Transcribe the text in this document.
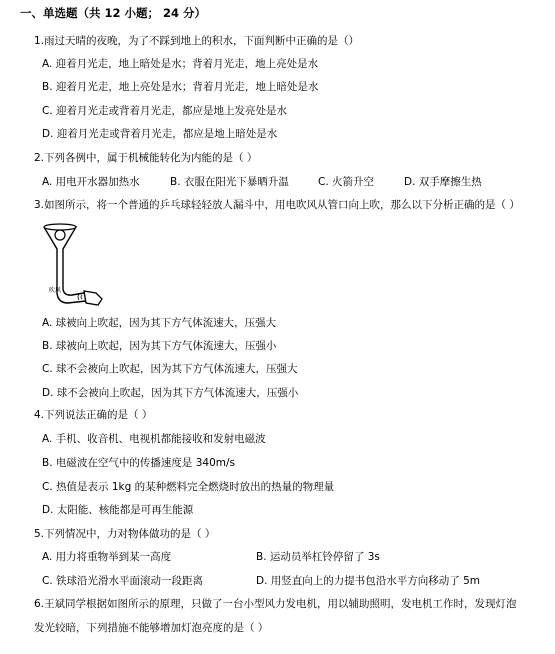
一、单选题（共 12 小题； 24 分）
1.雨过天晴的夜晚，为了不踩到地上的积水，下面判断中正确的是（）
A. 迎着月光走，地上暗处是水；背着月光走，地上亮处是水
B. 迎着月光走，地上亮处是水；背着月光走，地上暗处是水
C. 迎着月光走或背着月光走，都应是地上发亮处是水
D. 迎着月光走或背着月光走，都应是地上暗处是水
2.下列各例中，属于机械能转化为内能的是（ ）
A. 用电开水器加热水	B. 衣服在阳光下暴晒升温	C. 火箭升空	D. 双手摩擦生热
3.如图所示，将一个普通的乒乓球轻轻放人漏斗中，用电吹风从管口向上吹，那么以下分析正确的是（ ）
吹风
A. 球被向上吹起，因为其下方气体流速大，压强大
B. 球被向上吹起，因为其下方气体流速大，压强小
C. 球不会被向上吹起，因为其下方气体流速大，压强大
D. 球不会被向上吹起，因为其下方气体流速大，压强小
4.下列说法正确的是（ ）
A. 手机、收音机、电视机都能接收和发射电磁波
B. 电磁波在空气中的传播速度是 340m/s
C. 热值是表示 1kg 的某种燃料完全燃烧时放出的热量的物理量
D. 太阳能、核能都是可再生能源
5.下列情况中，力对物体做功的是（ ）
A. 用力将重物举到某一高度	B. 运动员举杠铃停留了 3s
C. 铁球沿光滑水平面滚动一段距离	D. 用竖直向上的力提书包沿水平方向移动了 5m
6.王斌同学根据如图所示的原理，只做了一台小型风力发电机，用以辅助照明，发电机工作时，发现灯泡
发光较暗，下列措施不能够增加灯泡亮度的是（ ）
